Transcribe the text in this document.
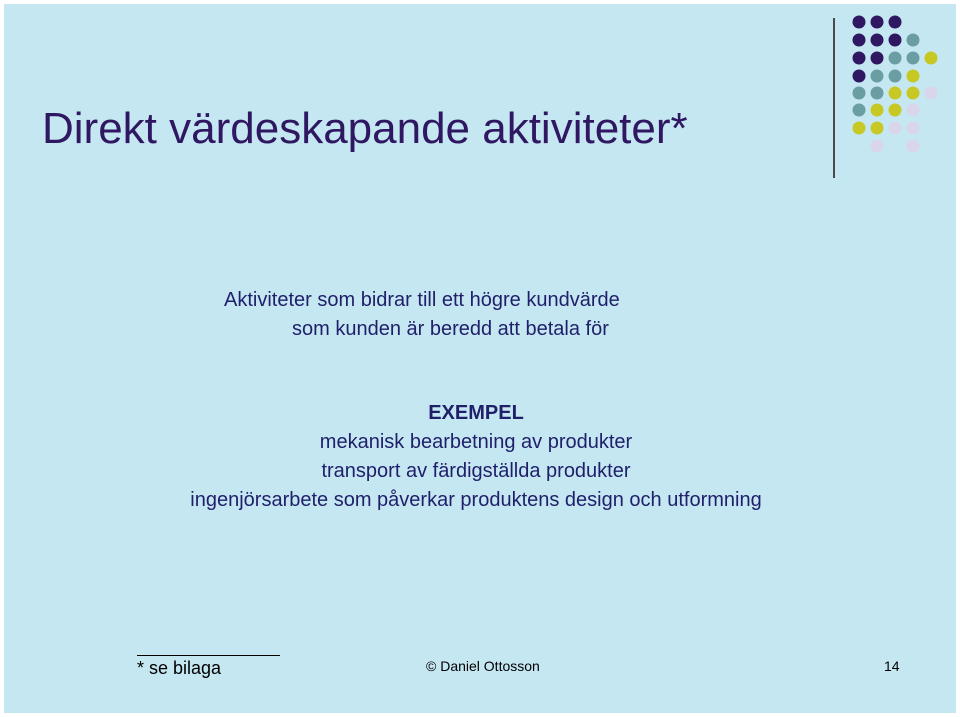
Direkt värdeskapande aktiviteter*
Aktiviteter som bidrar till ett högre kundvärde
som kunden är beredd att betala för
EXEMPEL
mekanisk bearbetning av produkter
transport av färdigställda produkter
ingenjörsarbete som påverkar produktens design och utformning
* se bilaga	© Daniel Ottosson	14
